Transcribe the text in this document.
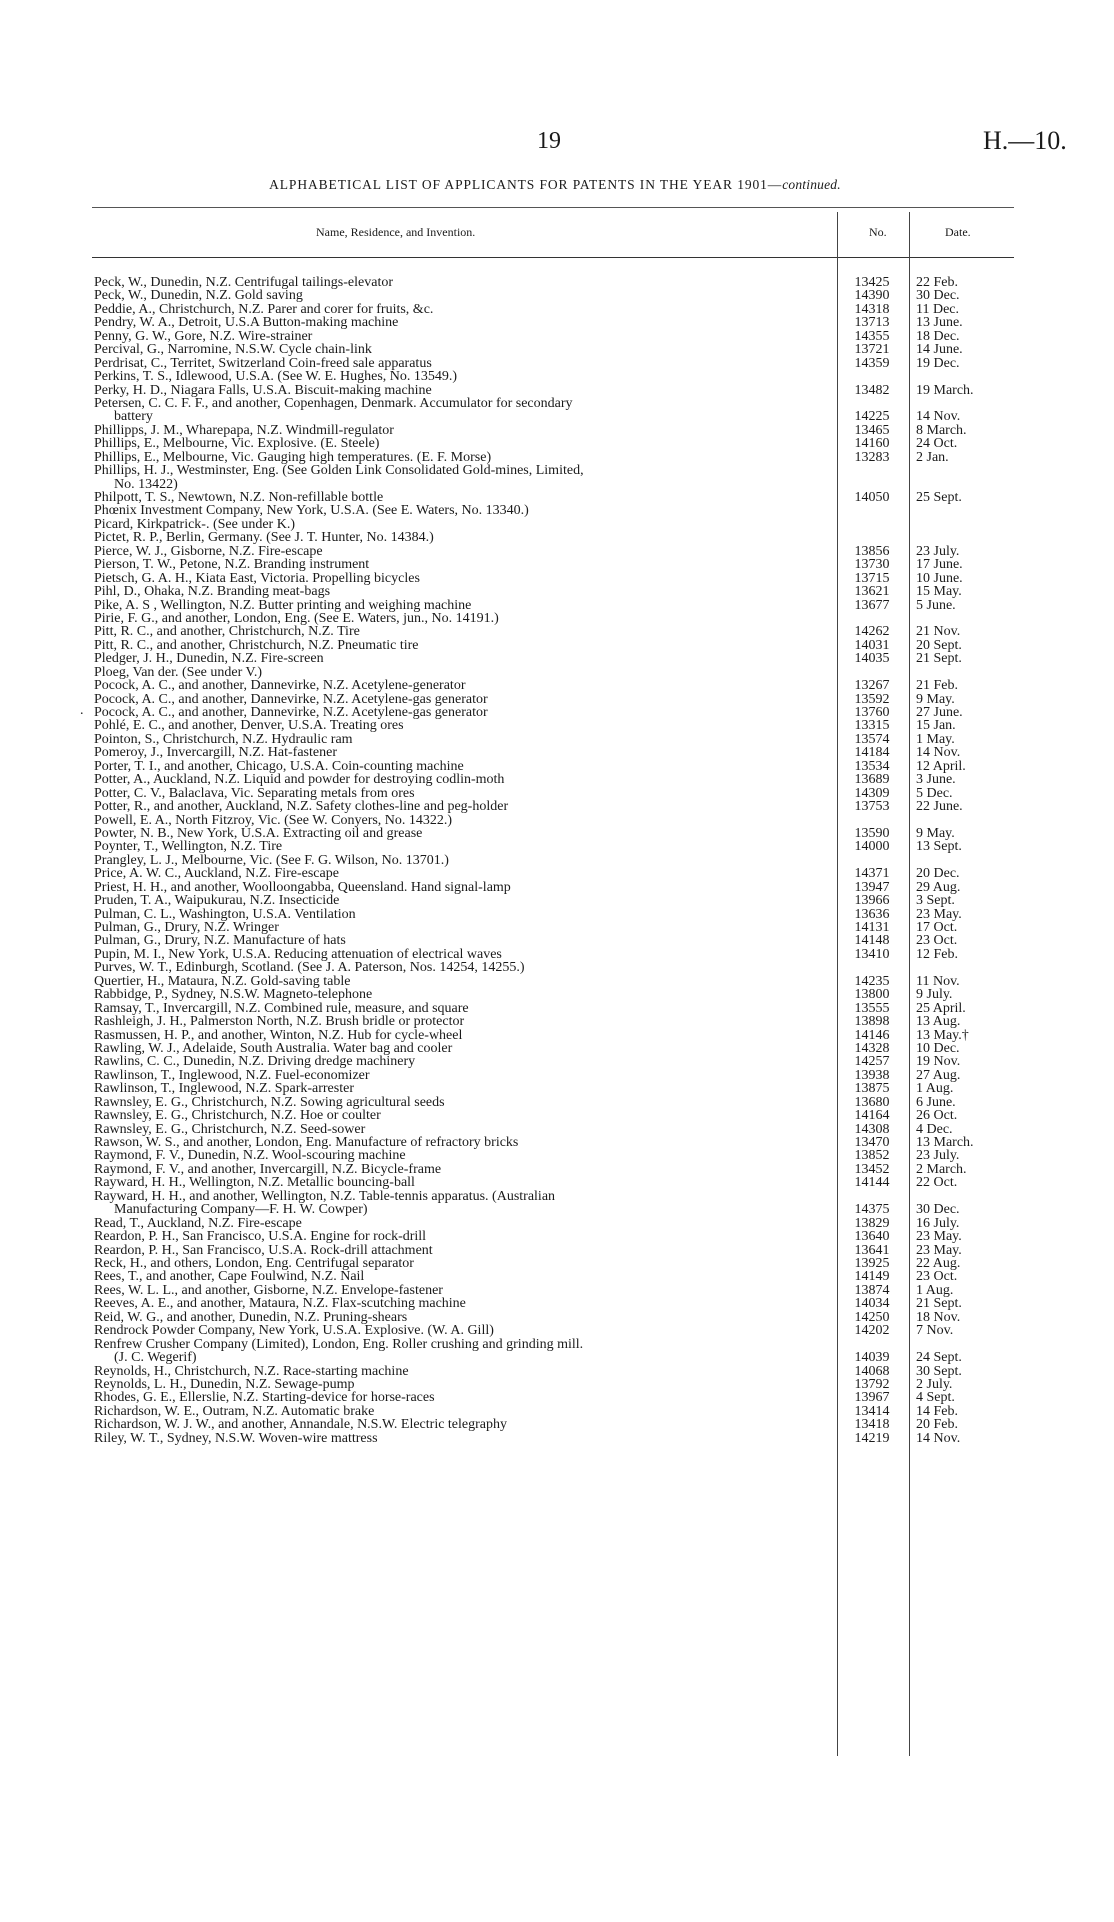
19	H.—10.
ALPHABETICAL LIST OF APPLICANTS FOR PATENTS IN THE YEAR 1901—continued.
Name, Residence, and Invention.	No.	Date.
.
Peck, W., Dunedin, N.Z. Centrifugal tailings-elevator	13425	22 Feb.
Peck, W., Dunedin, N.Z. Gold saving	14390	30 Dec.
Peddie, A., Christchurch, N.Z. Parer and corer for fruits, &c.	14318	11 Dec.
Pendry, W. A., Detroit, U.S.A Button-making machine	13713	13 June.
Penny, G. W., Gore, N.Z. Wire-strainer	14355	18 Dec.
Percival, G., Narromine, N.S.W. Cycle chain-link	13721	14 June.
Perdrisat, C., Territet, Switzerland Coin-freed sale apparatus	14359	19 Dec.
Perkins, T. S., Idlewood, U.S.A. (See W. E. Hughes, No. 13549.)
Perky, H. D., Niagara Falls, U.S.A. Biscuit-making machine	13482	19 March.
Petersen, C. C. F. F., and another, Copenhagen, Denmark. Accumulator for secondary
battery	14225	14 Nov.
Phillipps, J. M., Wharepapa, N.Z. Windmill-regulator	13465	8 March.
Phillips, E., Melbourne, Vic. Explosive. (E. Steele)	14160	24 Oct.
Phillips, E., Melbourne, Vic. Gauging high temperatures. (E. F. Morse)	13283	2 Jan.
Phillips, H. J., Westminster, Eng. (See Golden Link Consolidated Gold-mines, Limited,
No. 13422)
Philpott, T. S., Newtown, N.Z. Non-refillable bottle	14050	25 Sept.
Phœnix Investment Company, New York, U.S.A. (See E. Waters, No. 13340.)
Picard, Kirkpatrick-. (See under K.)
Pictet, R. P., Berlin, Germany. (See J. T. Hunter, No. 14384.)
Pierce, W. J., Gisborne, N.Z. Fire-escape	13856	23 July.
Pierson, T. W., Petone, N.Z. Branding instrument	13730	17 June.
Pietsch, G. A. H., Kiata East, Victoria. Propelling bicycles	13715	10 June.
Pihl, D., Ohaka, N.Z. Branding meat-bags	13621	15 May.
Pike, A. S , Wellington, N.Z. Butter printing and weighing machine	13677	5 June.
Pirie, F. G., and another, London, Eng. (See E. Waters, jun., No. 14191.)
Pitt, R. C., and another, Christchurch, N.Z. Tire	14262	21 Nov.
Pitt, R. C., and another, Christchurch, N.Z. Pneumatic tire	14031	20 Sept.
Pledger, J. H., Dunedin, N.Z. Fire-screen	14035	21 Sept.
Ploeg, Van der. (See under V.)
Pocock, A. C., and another, Dannevirke, N.Z. Acetylene-generator	13267	21 Feb.
Pocock, A. C., and another, Dannevirke, N.Z. Acetylene-gas generator	13592	9 May.
Pocock, A. C., and another, Dannevirke, N.Z. Acetylene-gas generator	13760	27 June.
Pohlé, E. C., and another, Denver, U.S.A. Treating ores	13315	15 Jan.
Pointon, S., Christchurch, N.Z. Hydraulic ram	13574	1 May.
Pomeroy, J., Invercargill, N.Z. Hat-fastener	14184	14 Nov.
Porter, T. I., and another, Chicago, U.S.A. Coin-counting machine	13534	12 April.
Potter, A., Auckland, N.Z. Liquid and powder for destroying codlin-moth	13689	3 June.
Potter, C. V., Balaclava, Vic. Separating metals from ores	14309	5 Dec.
Potter, R., and another, Auckland, N.Z. Safety clothes-line and peg-holder	13753	22 June.
Powell, E. A., North Fitzroy, Vic. (See W. Conyers, No. 14322.)
Powter, N. B., New York, U.S.A. Extracting oil and grease	13590	9 May.
Poynter, T., Wellington, N.Z. Tire	14000	13 Sept.
Prangley, L. J., Melbourne, Vic. (See F. G. Wilson, No. 13701.)
Price, A. W. C., Auckland, N.Z. Fire-escape	14371	20 Dec.
Priest, H. H., and another, Woolloongabba, Queensland. Hand signal-lamp	13947	29 Aug.
Pruden, T. A., Waipukurau, N.Z. Insecticide	13966	3 Sept.
Pulman, C. L., Washington, U.S.A. Ventilation	13636	23 May.
Pulman, G., Drury, N.Z. Wringer	14131	17 Oct.
Pulman, G., Drury, N.Z. Manufacture of hats	14148	23 Oct.
Pupin, M. I., New York, U.S.A. Reducing attenuation of electrical waves	13410	12 Feb.
Purves, W. T., Edinburgh, Scotland. (See J. A. Paterson, Nos. 14254, 14255.)
Quertier, H., Mataura, N.Z. Gold-saving table	14235	11 Nov.
Rabbidge, P., Sydney, N.S.W. Magneto-telephone	13800	9 July.
Ramsay, T., Invercargill, N.Z. Combined rule, measure, and square	13555	25 April.
Rashleigh, J. H., Palmerston North, N.Z. Brush bridle or protector	13898	13 Aug.
Rasmussen, H. P., and another, Winton, N.Z. Hub for cycle-wheel	14146	13 May.†
Rawling, W. J., Adelaide, South Australia. Water bag and cooler	14328	10 Dec.
Rawlins, C. C., Dunedin, N.Z. Driving dredge machinery	14257	19 Nov.
Rawlinson, T., Inglewood, N.Z. Fuel-economizer	13938	27 Aug.
Rawlinson, T., Inglewood, N.Z. Spark-arrester	13875	1 Aug.
Rawnsley, E. G., Christchurch, N.Z. Sowing agricultural seeds	13680	6 June.
Rawnsley, E. G., Christchurch, N.Z. Hoe or coulter	14164	26 Oct.
Rawnsley, E. G., Christchurch, N.Z. Seed-sower	14308	4 Dec.
Rawson, W. S., and another, London, Eng. Manufacture of refractory bricks	13470	13 March.
Raymond, F. V., Dunedin, N.Z. Wool-scouring machine	13852	23 July.
Raymond, F. V., and another, Invercargill, N.Z. Bicycle-frame	13452	2 March.
Rayward, H. H., Wellington, N.Z. Metallic bouncing-ball	14144	22 Oct.
Rayward, H. H., and another, Wellington, N.Z. Table-tennis apparatus. (Australian
Manufacturing Company—F. H. W. Cowper)	14375	30 Dec.
Read, T., Auckland, N.Z. Fire-escape	13829	16 July.
Reardon, P. H., San Francisco, U.S.A. Engine for rock-drill	13640	23 May.
Reardon, P. H., San Francisco, U.S.A. Rock-drill attachment	13641	23 May.
Reck, H., and others, London, Eng. Centrifugal separator	13925	22 Aug.
Rees, T., and another, Cape Foulwind, N.Z. Nail	14149	23 Oct.
Rees, W. L. L., and another, Gisborne, N.Z. Envelope-fastener	13874	1 Aug.
Reeves, A. E., and another, Mataura, N.Z. Flax-scutching machine	14034	21 Sept.
Reid, W. G., and another, Dunedin, N.Z. Pruning-shears	14250	18 Nov.
Rendrock Powder Company, New York, U.S.A. Explosive. (W. A. Gill)	14202	7 Nov.
Renfrew Crusher Company (Limited), London, Eng. Roller crushing and grinding mill.
(J. C. Wegerif)	14039	24 Sept.
Reynolds, H., Christchurch, N.Z. Race-starting machine	14068	30 Sept.
Reynolds, L. H., Dunedin, N.Z. Sewage-pump	13792	2 July.
Rhodes, G. E., Ellerslie, N.Z. Starting-device for horse-races	13967	4 Sept.
Richardson, W. E., Outram, N.Z. Automatic brake	13414	14 Feb.
Richardson, W. J. W., and another, Annandale, N.S.W. Electric telegraphy	13418	20 Feb.
Riley, W. T., Sydney, N.S.W. Woven-wire mattress	14219	14 Nov.
